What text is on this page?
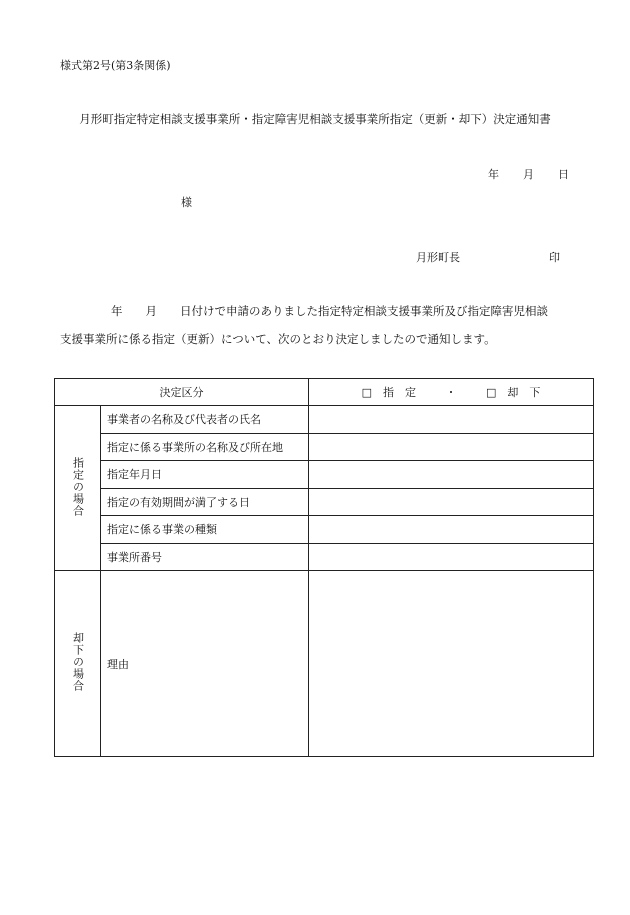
様式第2号(第3条関係)
月形町指定特定相談支援事業所・指定障害児相談支援事業所指定（更新・却下）決定通知書
年 月 日
様
月形町長	印
年　　月　　日付けで申請のありました指定特定相談支援事業所及び指定障害児相談
支援事業所に係る指定（更新）について、次のとおり決定しましたので通知します。
決定区分		□　指　定 ・ □　却　下
指定の場合	事業者の名称及び代表者の氏名	
	指定に係る事業所の名称及び所在地	
	指定年月日	
	指定の有効期間が満了する日	
	指定に係る事業の種類	
	事業所番号	
却下の場合	理由	
